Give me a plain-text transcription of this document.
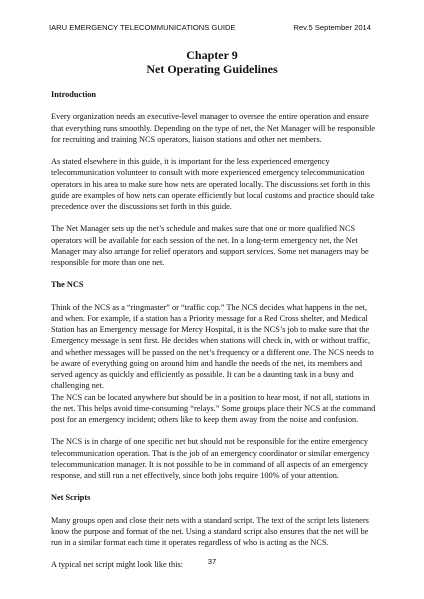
IARU EMERGENCY TELECOMMUNICATIONS GUIDE	Rev.5 September 2014
Chapter 9
Net Operating Guidelines
Introduction

Every organization needs an executive-level manager to oversee the entire operation and ensure that everything runs smoothly. Depending on the type of net, the Net Manager will be responsible for recruiting and training NCS operators, liaison stations and other net members.

As stated elsewhere in this guide, it is important for the less experienced emergency telecommunication volunteer to consult with more experienced emergency telecommunication operators in his area to make sure how nets are operated locally. The discussions set forth in this guide are examples of how nets can operate efficiently but local customs and practice should take precedence over the discussions set forth in this guide.

The Net Manager sets up the net’s schedule and makes sure that one or more qualified NCS operators will be available for each session of the net. In a long-term emergency net, the Net Manager may also arrange for relief operators and support services. Some net managers may be responsible for more than one net.

The NCS

Think of the NCS as a “ringmaster” or “traffic cop.” The NCS decides what happens in the net, and when. For example, if a station has a Priority message for a Red Cross shelter, and Medical Station has an Emergency message for Mercy Hospital, it is the NCS’s job to make sure that the Emergency message is sent first. He decides when stations will check in, with or without traffic, and whether messages will be passed on the net’s frequency or a different one. The NCS needs to be aware of everything going on around him and handle the needs of the net, its members and served agency as quickly and efficiently as possible. It can be a daunting task in a busy and challenging net.

The NCS can be located anywhere but should be in a position to hear most, if not all, stations in the net. This helps avoid time-consuming “relays.” Some groups place their NCS at the command post for an emergency incident; others like to keep them away from the noise and confusion.

The NCS is in charge of one specific net but should not be responsible for the entire emergency telecommunication operation. That is the job of an emergency coordinator or similar emergency telecommunication manager. It is not possible to be in command of all aspects of an emergency response, and still run a net effectively, since both jobs require 100% of your attention.

Net Scripts

Many groups open and close their nets with a standard script. The text of the script lets listeners know the purpose and format of the net. Using a standard script also ensures that the net will be run in a similar format each time it operates regardless of who is acting as the NCS.

A typical net script might look like this:	37
